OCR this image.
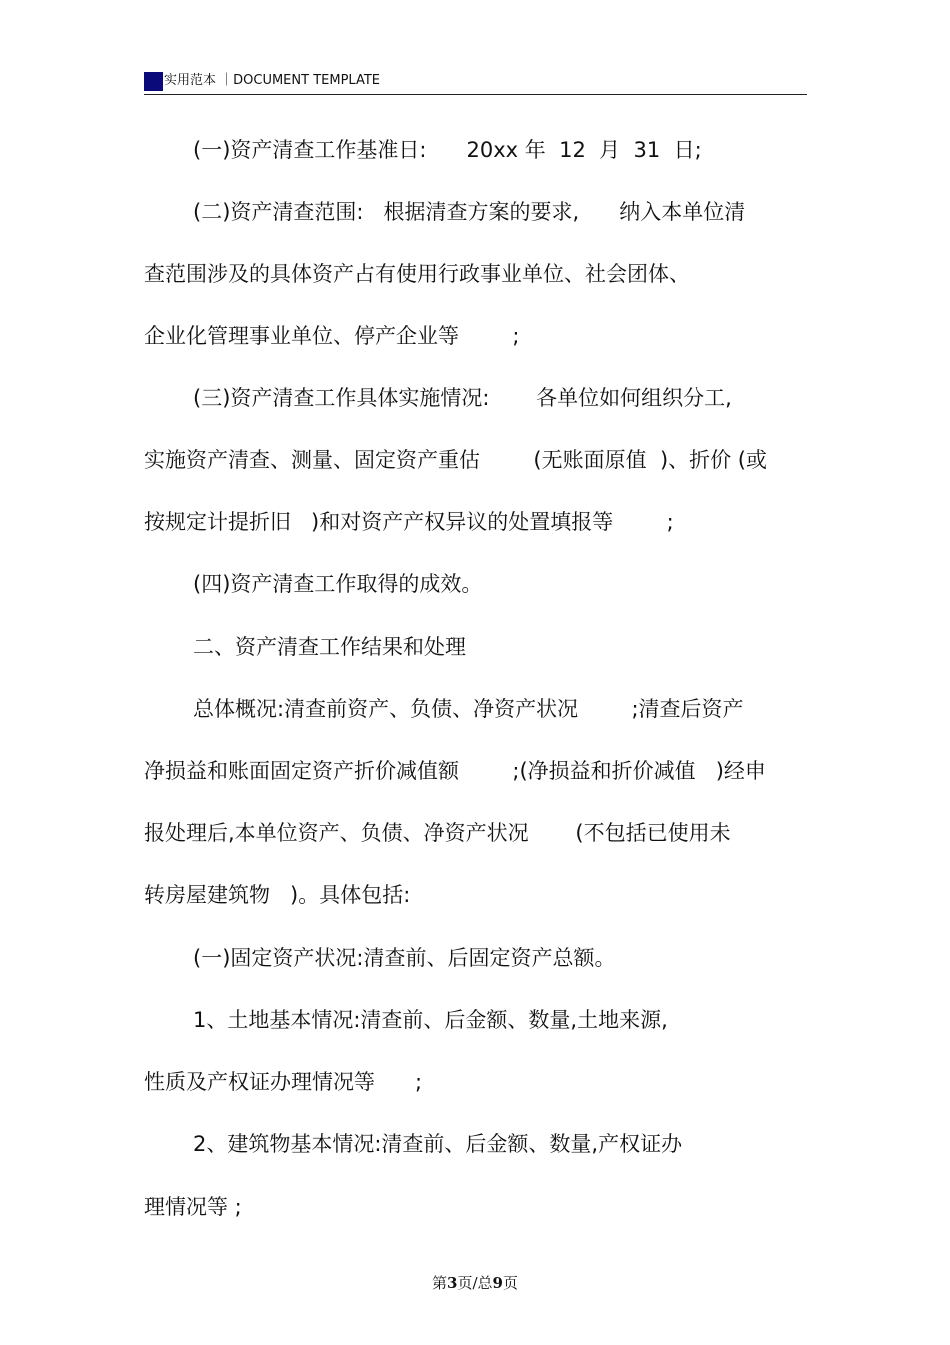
实用范本 ｜DOCUMENT TEMPLATE
(一)资产清查工作基准日:      20xx 年  12  月  31  日;
(二)资产清查范围:   根据清查方案的要求,      纳入本单位清
查范围涉及的具体资产占有使用行政事业单位、社会团体、
企业化管理事业单位、停产企业等        ;
(三)资产清查工作具体实施情况:       各单位如何组织分工,
实施资产清查、测量、固定资产重估        (无账面原值  )、折价 (或
按规定计提折旧   )和对资产产权异议的处置填报等        ;
(四)资产清查工作取得的成效。
二、资产清查工作结果和处理
总体概况:清查前资产、负债、净资产状况        ;清查后资产
净损益和账面固定资产折价减值额        ;(净损益和折价减值   )经申
报处理后,本单位资产、负债、净资产状况       (不包括已使用未
转房屋建筑物   )。具体包括:
(一)固定资产状况:清查前、后固定资产总额。
1、土地基本情况:清查前、后金额、数量,土地来源,
性质及产权证办理情况等      ;
2、建筑物基本情况:清查前、后金额、数量,产权证办
理情况等 ;
第3页/总9页
